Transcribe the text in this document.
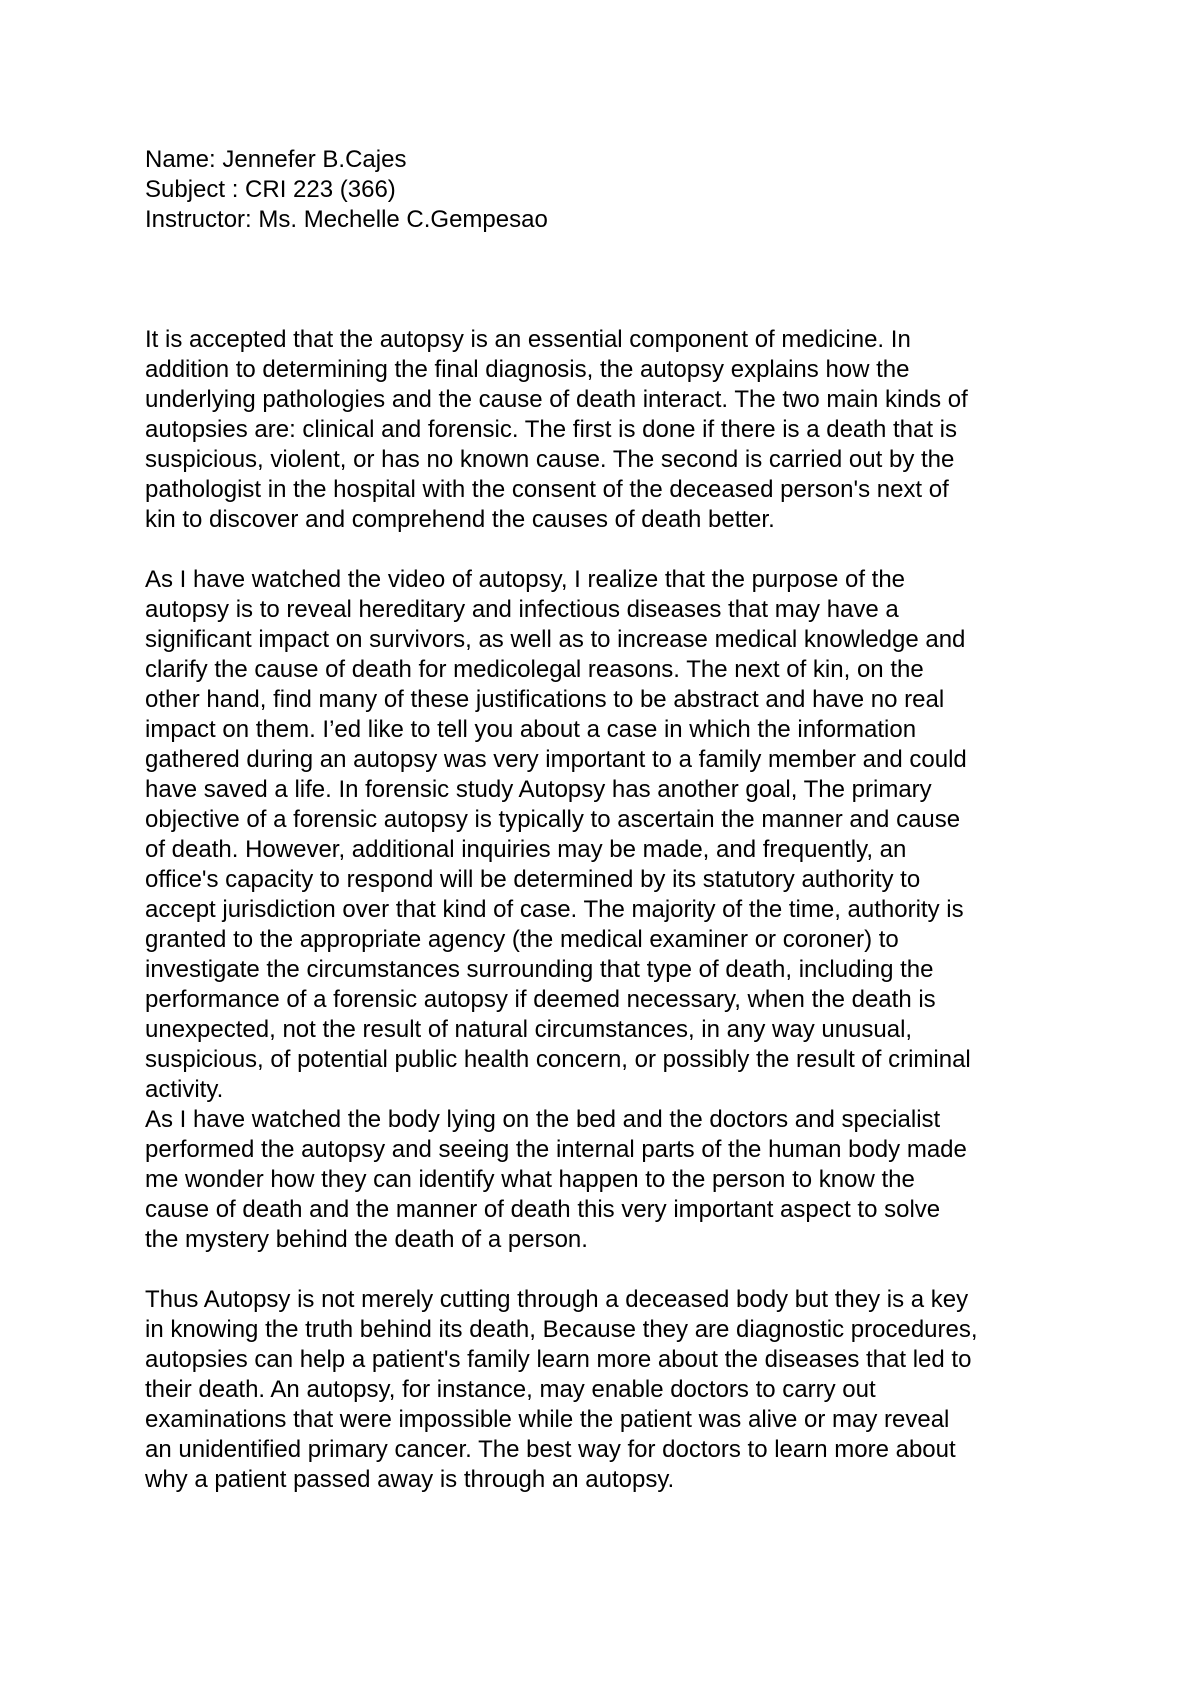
Name: Jennefer B.Cajes
Subject : CRI 223 (366)
Instructor: Ms. Mechelle C.Gempesao
It is accepted that the autopsy is an essential component of medicine. In
addition to determining the final diagnosis, the autopsy explains how the
underlying pathologies and the cause of death interact. The two main kinds of
autopsies are: clinical and forensic. The first is done if there is a death that is
suspicious, violent, or has no known cause. The second is carried out by the
pathologist in the hospital with the consent of the deceased person's next of
kin to discover and comprehend the causes of death better.
As I have watched the video of autopsy, I realize that the purpose of the
autopsy is to reveal hereditary and infectious diseases that may have a
significant impact on survivors, as well as to increase medical knowledge and
clarify the cause of death for medicolegal reasons. The next of kin, on the
other hand, find many of these justifications to be abstract and have no real
impact on them. I’ed like to tell you about a case in which the information
gathered during an autopsy was very important to a family member and could
have saved a life. In forensic study Autopsy has another goal, The primary
objective of a forensic autopsy is typically to ascertain the manner and cause
of death. However, additional inquiries may be made, and frequently, an
office's capacity to respond will be determined by its statutory authority to
accept jurisdiction over that kind of case. The majority of the time, authority is
granted to the appropriate agency (the medical examiner or coroner) to
investigate the circumstances surrounding that type of death, including the
performance of a forensic autopsy if deemed necessary, when the death is
unexpected, not the result of natural circumstances, in any way unusual,
suspicious, of potential public health concern, or possibly the result of criminal
activity.
As I have watched the body lying on the bed and the doctors and specialist
performed the autopsy and seeing the internal parts of the human body made
me wonder how they can identify what happen to the person to know the
cause of death and the manner of death this very important aspect to solve
the mystery behind the death of a person.
Thus Autopsy is not merely cutting through a deceased body but they is a key
in knowing the truth behind its death, Because they are diagnostic procedures,
autopsies can help a patient's family learn more about the diseases that led to
their death. An autopsy, for instance, may enable doctors to carry out
examinations that were impossible while the patient was alive or may reveal
an unidentified primary cancer. The best way for doctors to learn more about
why a patient passed away is through an autopsy.
